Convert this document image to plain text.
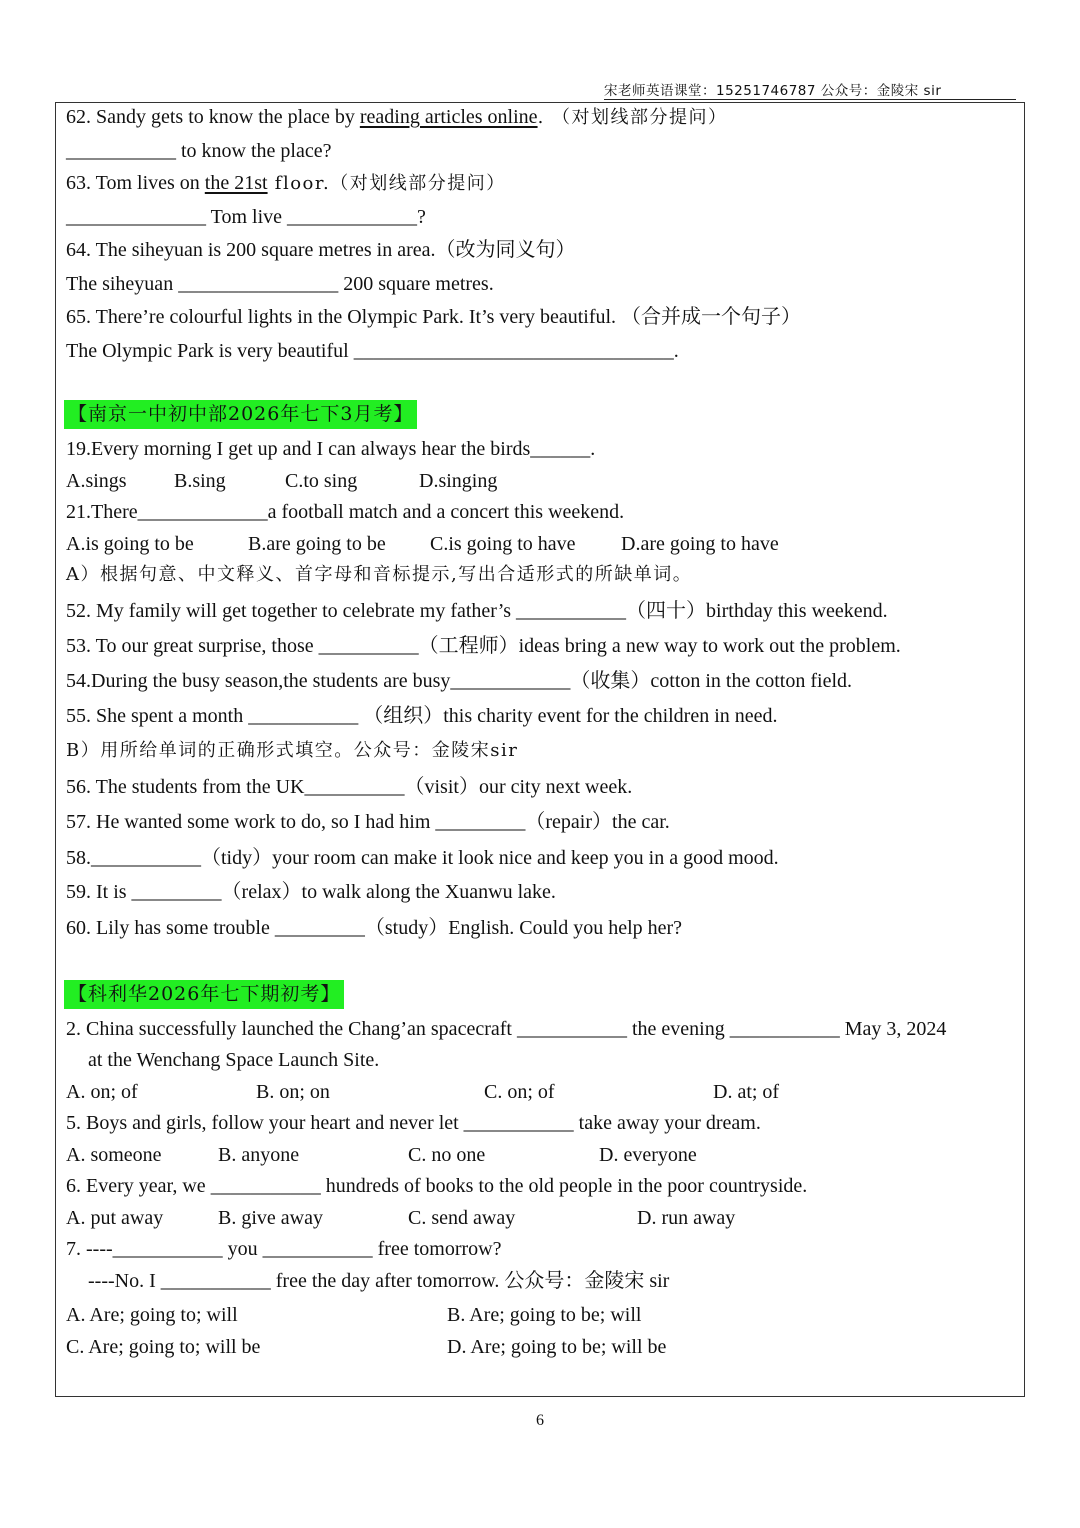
宋老师英语课堂：15251746787 公众号：金陵宋 sir
62. Sandy gets to know the place by reading articles online. （对划线部分提问）
___________ to know the place?
63. Tom lives on the 21st floor.（对划线部分提问）
______________ Tom live _____________?
64. The siheyuan is 200 square metres in area.（改为同义句）
The siheyuan ________________ 200 square metres.
65. There’re colourful lights in the Olympic Park. It’s very beautiful. （合并成一个句子）
The Olympic Park is very beautiful ________________________________.
【南京一中初中部2026年七下3月考】
19.Every morning I get up and I can always hear the birds______.
A.sings B.sing	C.to sing	D.singing
21.There_____________a football match and a concert this weekend.
A.is going to be	B.are going to be C.is going to have D.are going to have
A）根据句意、中文释义、首字母和音标提示,写出合适形式的所缺单词。
52. My family will get together to celebrate my father’s ___________（四十）birthday this weekend.
53. To our great surprise, those __________（工程师）ideas bring a new way to work out the problem.
54.During the busy season,the students are busy____________（收集）cotton in the cotton field.
55. She spent a month ___________ （组织）this charity event for the children in need.
B）用所给单词的正确形式填空。公众号：金陵宋sir
56. The students from the UK__________（visit）our city next week.
57. He wanted some work to do, so I had him _________（repair）the car.
58.___________（tidy）your room can make it look nice and keep you in a good mood.
59. It is _________（relax）to walk along the Xuanwu lake.
60. Lily has some trouble _________（study）English. Could you help her?
【科利华2026年七下期初考】
2. China successfully launched the Chang’an spacecraft ___________ the evening ___________ May 3, 2024
at the Wenchang Space Launch Site.
A. on; of	B. on; on	C. on; of	D. at; of
5. Boys and girls, follow your heart and never let ___________ take away your dream.
A. someone	B. anyone	C. no one	D. everyone
6. Every year, we ___________ hundreds of books to the old people in the poor countryside.
A. put away	B. give away	C. send away	D. run away
7. ----___________ you ___________ free tomorrow?
----No. I ___________ free the day after tomorrow. 公众号：金陵宋 sir
A. Are; going to; will	B. Are; going to be; will
C. Are; going to; will be	D. Are; going to be; will be
6
